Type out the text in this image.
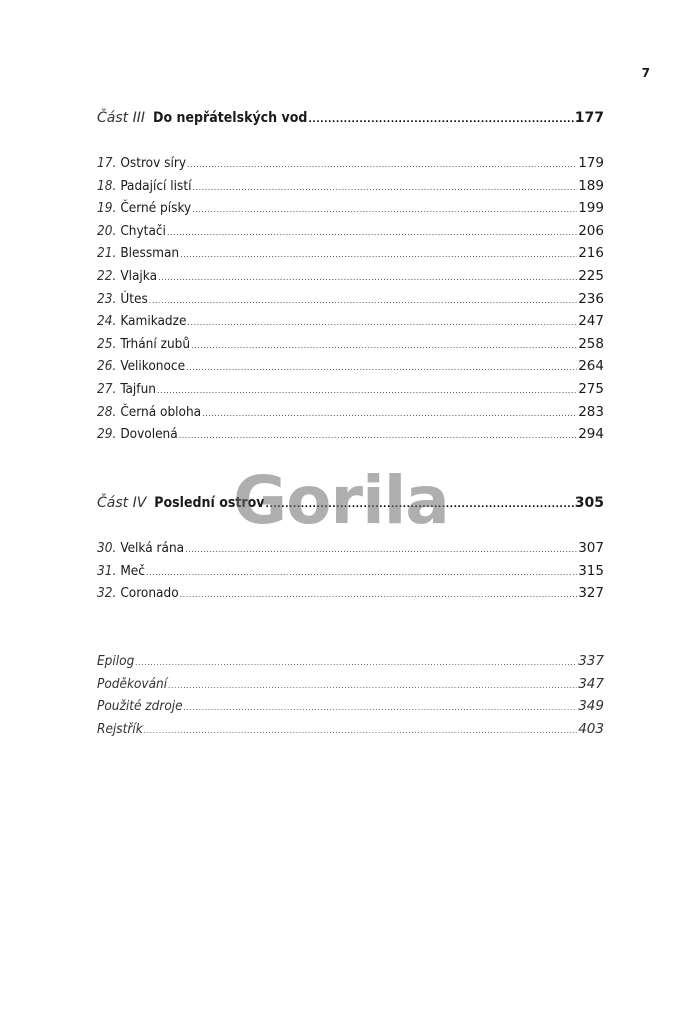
7
Část III Do nepřátelských vod .....	177
17. Ostrov síry .....	179
18. Padající listí .....	189
19. Černé písky .....	199
20. Chytači .....	206
21. Blessman .....	216
22. Vlajka .....	225
23. Útes .....	236
24. Kamikadze .....	247
25. Trhání zubů .....	258
26. Velikonoce .....	264
27. Tajfun .....	275
28. Černá obloha .....	283
29. Dovolená .....	294
Část IV Poslední ostrov .....	305
30. Velká rána .....	307
31. Meč .....	315
32. Coronado .....	327
Epilog .....	337
Poděkování .....	347
Použité zdroje .....	349
Rejstřík .....	403
Gorila
